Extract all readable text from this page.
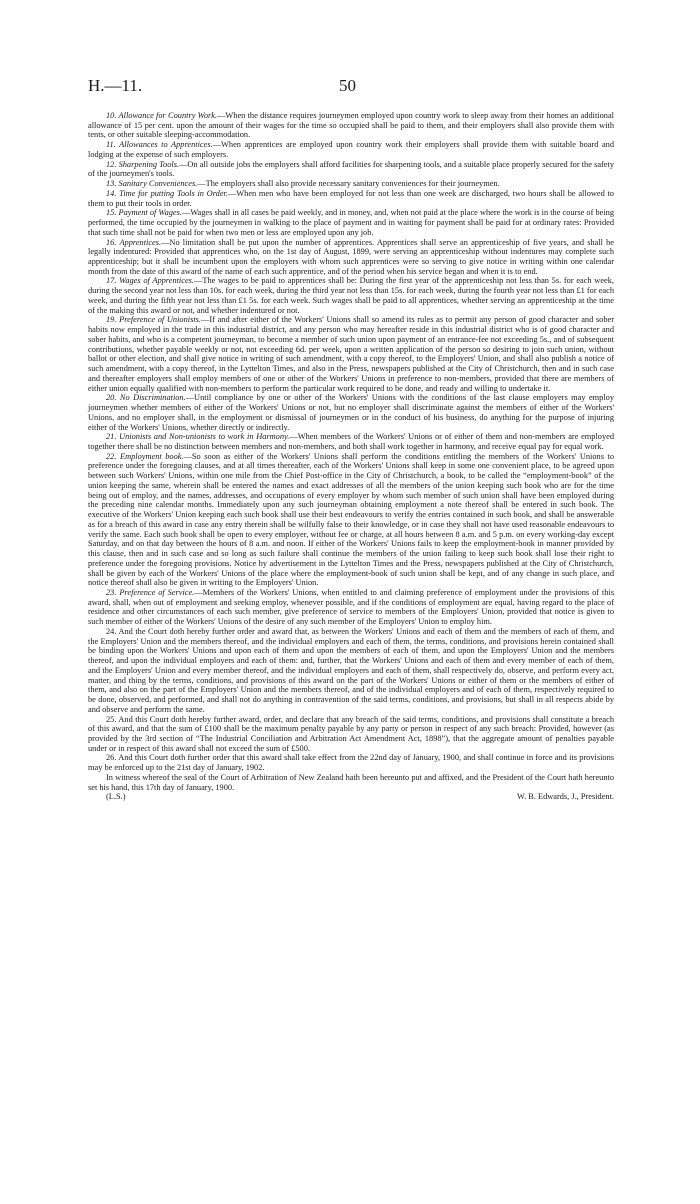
H.—11.	50

10. Allowance for Country Work.—When the distance requires journeymen employed upon country work to sleep away from their homes an additional allowance of 15 per cent. upon the amount of their wages for the time so occupied shall be paid to them, and their employers shall also provide them with tents, or other suitable sleeping-accommodation.

11. Allowances to Apprentices.—When apprentices are employed upon country work their employers shall provide them with suitable board and lodging at the expense of such employers.

12. Sharpening Tools.—On all outside jobs the employers shall afford facilities for sharpening tools, and a suitable place properly secured for the safety of the journeymen's tools.

13. Sanitary Conveniences.—The employers shall also provide necessary sanitary conveniences for their journeymen.

14. Time for putting Tools in Order.—When men who have been employed for not less than one week are discharged, two hours shall be allowed to them to put their tools in order.

15. Payment of Wages.—Wages shall in all cases be paid weekly, and in money, and, when not paid at the place where the work is in the course of being performed, the time occupied by the journeymen in walking to the place of payment and in waiting for payment shall be paid for at ordinary rates: Provided that such time shall not be paid for when two men or less are employed upon any job.

16. Apprentices.—No limitation shall be put upon the number of apprentices. Apprentices shall serve an apprenticeship of five years, and shall be legally indentured: Provided that apprentices who, on the 1st day of August, 1899, were serving an apprenticeship without indentures may complete such apprenticeship; but it shall be incumbent upon the employers with whom such apprentices were so serving to give notice in writing within one calendar month from the date of this award of the name of each such apprentice, and of the period when his service began and when it is to end.

17. Wages of Apprentices.—The wages to be paid to apprentices shall be: During the first year of the apprenticeship not less than 5s. for each week, during the second year not less than 10s. for each week, during the third year not less than 15s. for each week, during the fourth year not less than £1 for each week, and during the fifth year not less than £1 5s. for each week. Such wages shall be paid to all apprentices, whether serving an apprenticeship at the time of the making this award or not, and whether indentured or not.

19. Preference of Unionists.—If and after either of the Workers' Unions shall so amend its rules as to permit any person of good character and sober habits now employed in the trade in this industrial district, and any person who may hereafter reside in this industrial district who is of good character and sober habits, and who is a competent journeyman, to become a member of such union upon payment of an entrance-fee not exceeding 5s., and of subsequent contributions, whether payable weekly or not, not exceeding 6d. per week, upon a written application of the person so desiring to join such union, without ballot or other election, and shall give notice in writing of such amendment, with a copy thereof, to the Employers' Union, and shall also publish a notice of such amendment, with a copy thereof, in the Lyttelton Times, and also in the Press, newspapers published at the City of Christchurch, then and in such case and thereafter employers shall employ members of one or other of the Workers' Unions in preference to non-members, provided that there are members of either union equally qualified with non-members to perform the particular work required to be done, and ready and willing to undertake it.

20. No Discrimination.—Until compliance by one or other of the Workers' Unions with the conditions of the last clause employers may employ journeymen whether members of either of the Workers' Unions or not, but no employer shall discriminate against the members of either of the Workers' Unions, and no employer shall, in the employment or dismissal of journeymen or in the conduct of his business, do anything for the purpose of injuring either of the Workers' Unions, whether directly or indirectly.

21. Unionists and Non-unionists to work in Harmony.—When members of the Workers' Unions or of either of them and non-members are employed together there shall be no distinction between members and non-members, and both shall work together in harmony, and receive equal pay for equal work.

22. Employment book.—So soon as either of the Workers' Unions shall perform the conditions entitling the members of the Workers' Unions to preference under the foregoing clauses, and at all times thereafter, each of the Workers' Unions shall keep in some one convenient place, to be agreed upon between such Workers' Unions, within one mile from the Chief Post-office in the City of Christchurch, a book, to be called the “employment-book” of the union keeping the same, wherein shall be entered the names and exact addresses of all the members of the union keeping such book who are for the time being out of employ, and the names, addresses, and occupations of every employer by whom such member of such union shall have been employed during the preceding nine calendar months. Immediately upon any such journeyman obtaining employment a note thereof shall be entered in such book. The executive of the Workers' Union keeping each such book shall use their best endeavours to verify the entries contained in such book, and shall be answerable as for a breach of this award in case any entry therein shall be wilfully false to their knowledge, or in case they shall not have used reasonable endeavours to verify the same. Each such book shall be open to every employer, without fee or charge, at all hours between 8 a.m. and 5 p.m. on every working-day except Saturday, and on that day between the hours of 8 a.m. and noon. If either of the Workers' Unions fails to keep the employment-book in manner provided by this clause, then and in such case and so long as such failure shall continue the members of the union failing to keep such book shall lose their right to preference under the foregoing provisions. Notice by advertisement in the Lyttelton Times and the Press, newspapers published at the City of Christchurch, shall be given by each of the Workers' Unions of the place where the employment-book of such union shall be kept, and of any change in such place, and notice thereof shall also be given in writing to the Employers' Union.

23. Preference of Service.—Members of the Workers' Unions, when entitled to and claiming preference of employment under the provisions of this award, shall, when out of employment and seeking employ, whenever possible, and if the conditions of employment are equal, having regard to the place of residence and other circumstances of each such member, give preference of service to members of the Employers' Union, provided that notice is given to such member of either of the Workers' Unions of the desire of any such member of the Employers' Union to employ him.

24. And the Court doth hereby further order and award that, as between the Workers' Unions and each of them and the members of each of them, and the Employers' Union and the members thereof, and the individual employers and each of them, the terms, conditions, and provisions herein contained shall be binding upon the Workers' Unions and upon each of them and upon the members of each of them, and upon the Employers' Union and the members thereof, and upon the individual employers and each of them: and, further, that the Workers' Unions and each of them and every member of each of them, and the Employers' Union and every member thereof, and the individual employers and each of them, shall respectively do, observe, and perform every act, matter, and thing by the terms, conditions, and provisions of this award on the part of the Workers' Unions or either of them or the members of either of them, and also on the part of the Employers' Union and the members thereof, and of the individual employers and of each of them, respectively required to be done, observed, and performed, and shall not do anything in contravention of the said terms, conditions, and provisions, but shall in all respects abide by and observe and perform the same.

25. And this Court doth hereby further award, order, and declare that any breach of the said terms, conditions, and provisions shall constitute a breach of this award, and that the sum of £100 shall be the maximum penalty payable by any party or person in respect of any such breach: Provided, however (as provided by the 3rd section of “The Industrial Conciliation and Arbitration Act Amendment Act, 1898”), that the aggregate amount of penalties payable under or in respect of this award shall not exceed the sum of £500.

26. And this Court doth further order that this award shall take effect from the 22nd day of January, 1900, and shall continue in force and its provisions may be enforced up to the 21st day of January, 1902.

In witness whereof the seal of the Court of Arbitration of New Zealand hath been hereunto put and affixed, and the President of the Court hath hereunto set his hand, this 17th day of January, 1900.

(L.S.)	W. B. Edwards, J., President.
